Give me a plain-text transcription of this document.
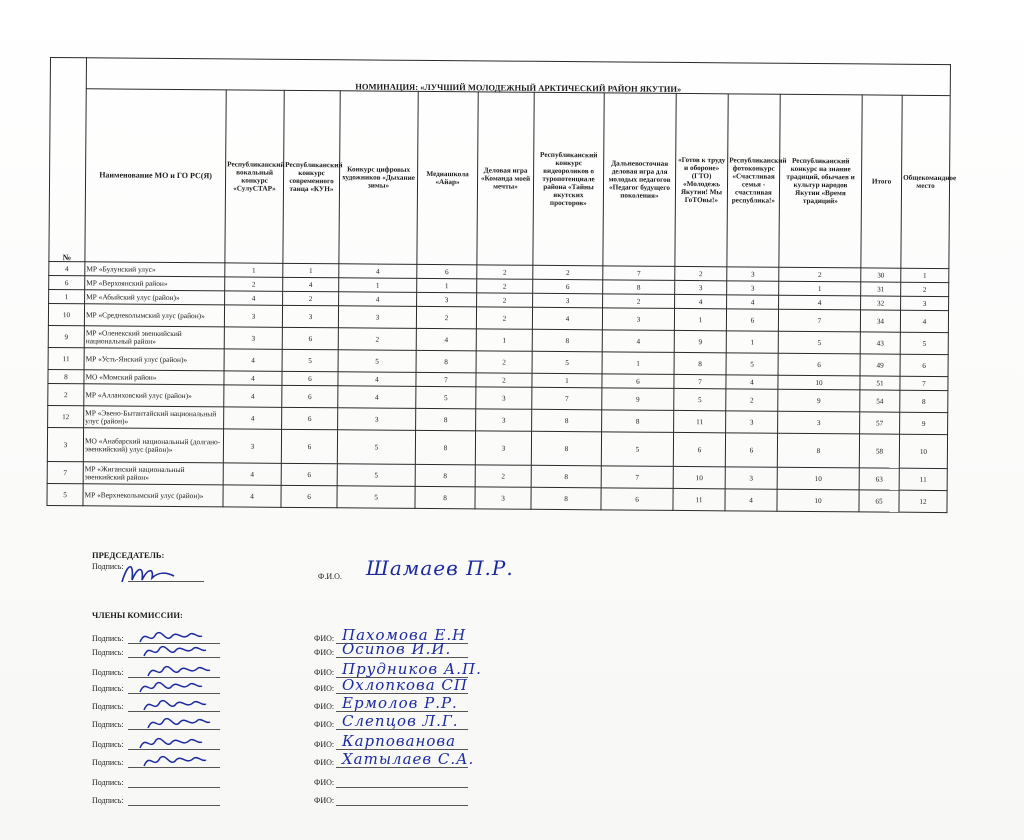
№	НОМИНАЦИЯ: «ЛУЧШИЙ МОЛОДЕЖНЫЙ АРКТИЧЕСКИЙ РАЙОН ЯКУТИИ»												
	Наименование МО и ГО РС(Я)	Республиканский вокальный конкурс «СулуСТАР»	Республиканский конкурс современного танца «КУН»	Конкурс цифровых художников «Дыхание зимы»	Медиашкола «Айар»	Деловая игра «Команда моей мечты»	Республиканский конкурс видеороликов о туропотенциале района «Тайны якутских просторов»	Дальневосточная деловая игра для молодых педагогов «Педагог будущего поколения»	«Готов к труду и обороне» (ГТО) «Молодежь Якутии! Мы ГоТОвы!»	Республиканский фотоконкурс «Счастливая семья - счастливая республика!»	Республиканский конкурс на знание традиций, обычаев и культур народов Якутии «Время традиций»	Итого	Общекомандное место
4	МР «Булунский улус»	1	1	4	6	2	2	7	2	3	2	30	1
6	МР «Верхоянский район»	2	4	1	1	2	6	8	3	3	1	31	2
1	МР «Абыйский улус (район)»	4	2	4	3	2	3	2	4	4	4	32	3
10	МР «Среднеколымский улус (район)»	3	3	3	2	2	4	3	1	6	7	34	4
9	МР «Оленекский эвенкийский национальный район»	3	6	2	4	1	8	4	9	1	5	43	5
11	МР «Усть-Янский улус (район)»	4	5	5	8	2	5	1	8	5	6	49	6
8	МО «Момский район»	4	6	4	7	2	1	6	7	4	10	51	7
2	МР «Аллаиховский улус (район)»	4	6	4	5	3	7	9	5	2	9	54	8
12	МР «Эвено-Бытантайский национальный улус (район)»	4	6	3	8	3	8	8	11	3	3	57	9
3	МО «Анабарский национальный (долгано-эвенкийский) улус (район)»	3	6	5	8	3	8	5	6	6	8	58	10
7	МР «Жиганский национальный эвенкийский район»	4	6	5	8	2	8	7	10	3	10	63	11
5	МР «Верхнеколымский улус (район)»	4	6	5	8	3	8	6	11	4	10	65	12
ПРЕДСЕДАТЕЛЬ:
Подпись:
Ф.И.О. Шамаев П.Р.
ЧЛЕНЫ КОМИССИИ:
Подпись:	ФИО: Пахомова Е.Н
Подпись:	ФИО: Осипов И.И.
Подпись:	ФИО: Прудников А.П.
Подпись:	ФИО: Охлопкова СП
Подпись:	ФИО: Ермолов Р.Р.
Подпись:	ФИО: Слепцов Л.Г.
Подпись:	ФИО: Карпованова
Подпись:	ФИО: Хатылаев С.А.
Подпись:	ФИО:
Подпись:	ФИО:
